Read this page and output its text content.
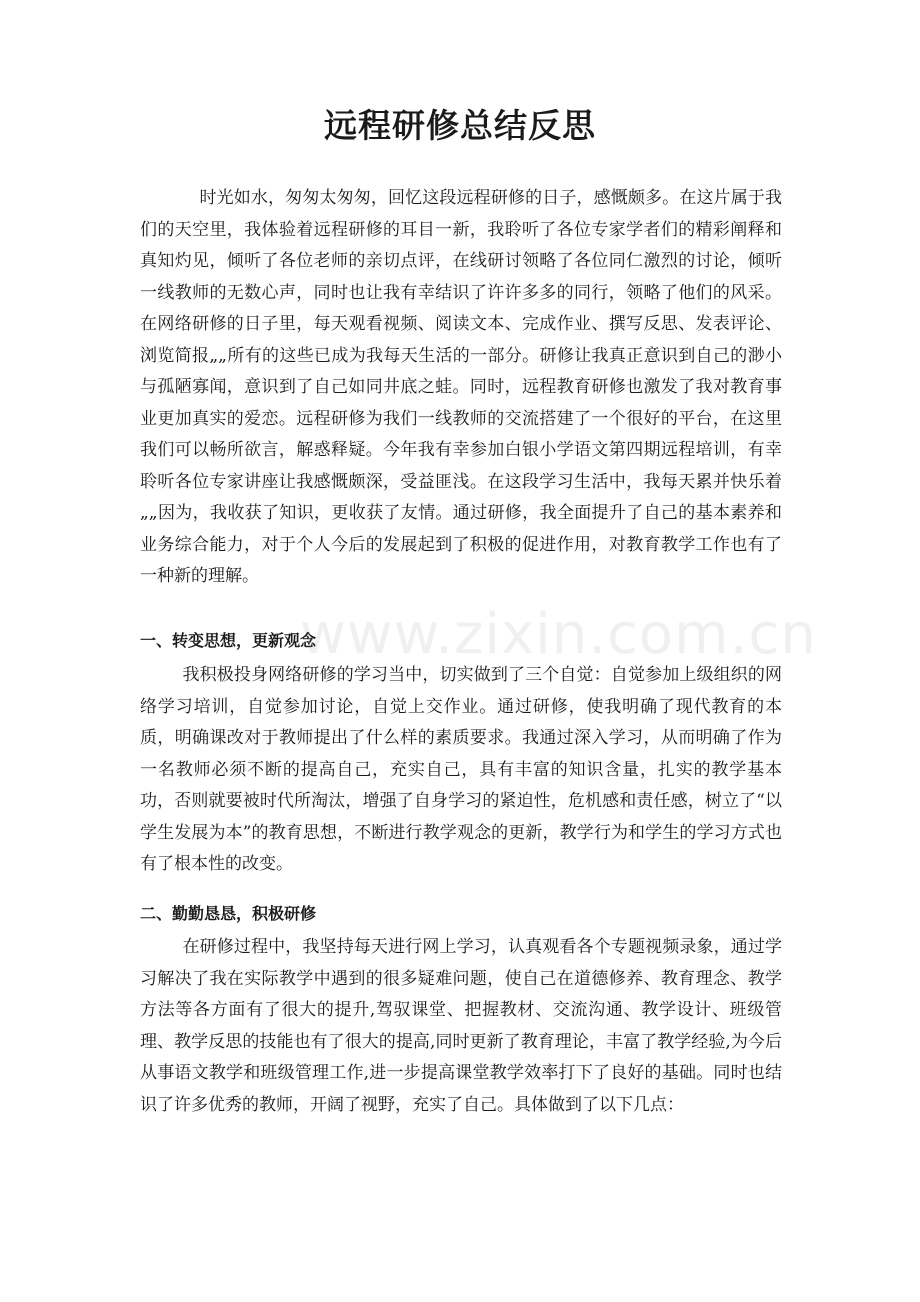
远程研修总结反思

时光如水，匆匆太匆匆，回忆这段远程研修的日子，感慨颇多。在这片属于我们的天空里，我体验着远程研修的耳目一新，我聆听了各位专家学者们的精彩阐释和真知灼见，倾听了各位老师的亲切点评，在线研讨领略了各位同仁激烈的讨论，倾听一线教师的无数心声，同时也让我有幸结识了许许多多的同行，领略了他们的风采。在网络研修的日子里，每天观看视频、阅读文本、完成作业、撰写反思、发表评论、浏览简报„„所有的这些已成为我每天生活的一部分。研修让我真正意识到自己的渺小与孤陋寡闻，意识到了自己如同井底之蛙。同时，远程教育研修也激发了我对教育事业更加真实的爱恋。远程研修为我们一线教师的交流搭建了一个很好的平台，在这里我们可以畅所欲言，解惑释疑。今年我有幸参加白银小学语文第四期远程培训，有幸聆听各位专家讲座让我感慨颇深，受益匪浅。在这段学习生活中，我每天累并快乐着„„因为，我收获了知识，更收获了友情。通过研修，我全面提升了自己的基本素养和业务综合能力，对于个人今后的发展起到了积极的促进作用，对教育教学工作也有了一种新的理解。

一、转变思想，更新观念

我积极投身网络研修的学习当中，切实做到了三个自觉：自觉参加上级组织的网络学习培训，自觉参加讨论，自觉上交作业。通过研修，使我明确了现代教育的本质，明确课改对于教师提出了什么样的素质要求。我通过深入学习，从而明确了作为一名教师必须不断的提高自己，充实自己，具有丰富的知识含量，扎实的教学基本功，否则就要被时代所淘汰，增强了自身学习的紧迫性，危机感和责任感，树立了“以学生发展为本”的教育思想，不断进行教学观念的更新，教学行为和学生的学习方式也有了根本性的改变。

二、勤勤恳恳，积极研修

在研修过程中，我坚持每天进行网上学习，认真观看各个专题视频录象，通过学习解决了我在实际教学中遇到的很多疑难问题，使自己在道德修养、教育理念、教学方法等各方面有了很大的提升,驾驭课堂、把握教材、交流沟通、教学设计、班级管理、教学反思的技能也有了很大的提高,同时更新了教育理论，丰富了教学经验,为今后从事语文教学和班级管理工作,进一步提高课堂教学效率打下了良好的基础。同时也结识了许多优秀的教师，开阔了视野，充实了自己。具体做到了以下几点：

www.zixin.com.cn
